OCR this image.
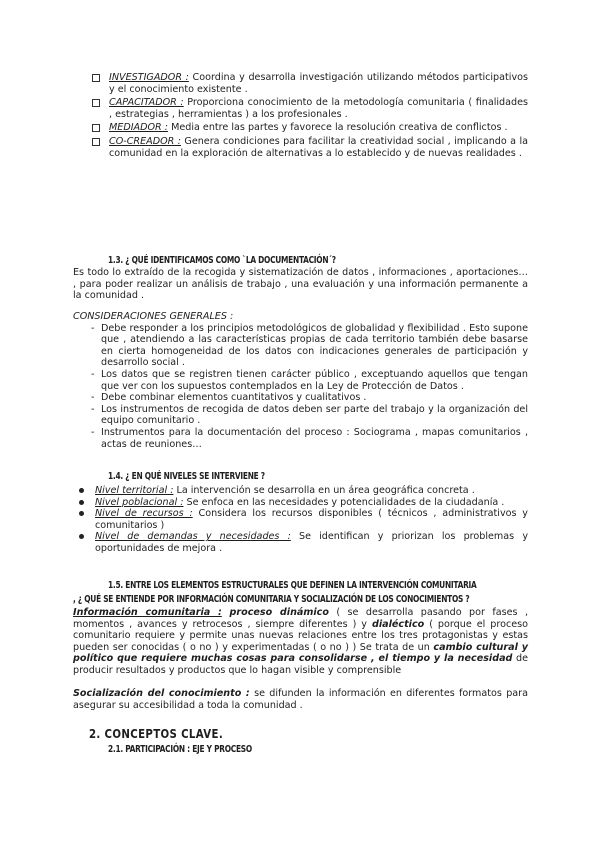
INVESTIGADOR : Coordina y desarrolla investigación utilizando métodos participativos y el conocimiento existente .
CAPACITADOR : Proporciona conocimiento de la metodología comunitaria ( finalidades , estrategias , herramientas ) a los profesionales .
MEDIADOR : Media entre las partes y favorece la resolución creativa de conflictos .
CO-CREADOR : Genera condiciones para facilitar la creatividad social , implicando a la comunidad en la exploración de alternativas a lo establecido y de nuevas realidades .
1.3. ¿ QUÉ IDENTIFICAMOS COMO `LA DOCUMENTACIÓN´?
Es todo lo extraído de la recogida y sistematización de datos , informaciones , aportaciones… , para poder realizar un análisis de trabajo , una evaluación y una información permanente a la comunidad .
CONSIDERACIONES GENERALES :
- Debe responder a los principios metodológicos de globalidad y flexibilidad . Esto supone que , atendiendo a las características propias de cada territorio también debe basarse en cierta homogeneidad de los datos con indicaciones generales de participación y desarrollo social .
- Los datos que se registren tienen carácter público , exceptuando aquellos que tengan que ver con los supuestos contemplados en la Ley de Protección de Datos .
- Debe combinar elementos cuantitativos y cualitativos .
- Los instrumentos de recogida de datos deben ser parte del trabajo y la organización del equipo comunitario .
- Instrumentos para la documentación del proceso : Sociograma , mapas comunitarios , actas de reuniones…
1.4. ¿ EN QUÉ NIVELES SE INTERVIENE ?
Nivel territorial : La intervención se desarrolla en un área geográfica concreta .
Nivel poblacional : Se enfoca en las necesidades y potencialidades de la ciudadanía .
Nivel de recursos : Considera los recursos disponibles ( técnicos , administrativos y comunitarios )
Nivel de demandas y necesidades : Se identifican y priorizan los problemas y oportunidades de mejora .
1.5. ENTRE LOS ELEMENTOS ESTRUCTURALES QUE DEFINEN LA INTERVENCIÓN COMUNITARIA
, ¿ QUÉ SE ENTIENDE POR INFORMACIÓN COMUNITARIA Y SOCIALIZACIÓN DE LOS CONOCIMIENTOS ?
Información comunitaria : proceso dinámico ( se desarrolla pasando por fases , momentos , avances y retrocesos , siempre diferentes ) y dialéctico ( porque el proceso comunitario requiere y permite unas nuevas relaciones entre los tres protagonistas y estas pueden ser conocidas ( o no ) y experimentadas ( o no ) ) Se trata de un cambio cultural y político que requiere muchas cosas para consolidarse , el tiempo y la necesidad de producir resultados y productos que lo hagan visible y comprensible
Socialización del conocimiento : se difunden la información en diferentes formatos para asegurar su accesibilidad a toda la comunidad .
2. CONCEPTOS CLAVE.
2.1. PARTICIPACIÓN : EJE Y PROCESO
